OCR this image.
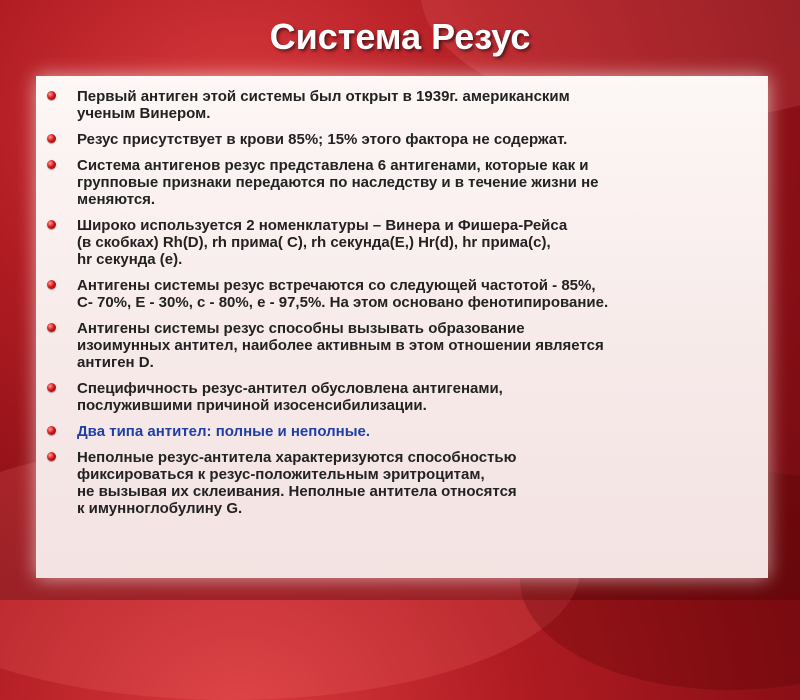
Система Резус
Первый антиген этой системы был открыт в 1939г. американским
ученым Винером.
Резус присутствует в крови 85%; 15% этого фактора не содержат.
Система антигенов резус представлена 6 антигенами, которые как и
групповые признаки передаются по наследству и в течение жизни не
меняются.
Широко используется 2 номенклатуры – Винера и Фишера-Рейса
(в скобках) Rh(D), rh прима( C), rh секунда(E,) Hr(d), hr прима(c),
hr секунда (e).
Антигены системы резус встречаются со следующей частотой - 85%,
C- 70%, E - 30%, c - 80%, e - 97,5%. На этом основано фенотипирование.
Антигены системы резус способны вызывать образование
изоимунных антител, наиболее активным в этом отношении является
антиген D.
Специфичность резус-антител обусловлена антигенами,
послужившими причиной изосенсибилизации.
Два типа антител: полные и неполные.
Неполные резус-антитела характеризуются способностью
фиксироваться к резус-положительным эритроцитам,
не вызывая их склеивания. Неполные антитела относятся
к имунноглобулину G.
